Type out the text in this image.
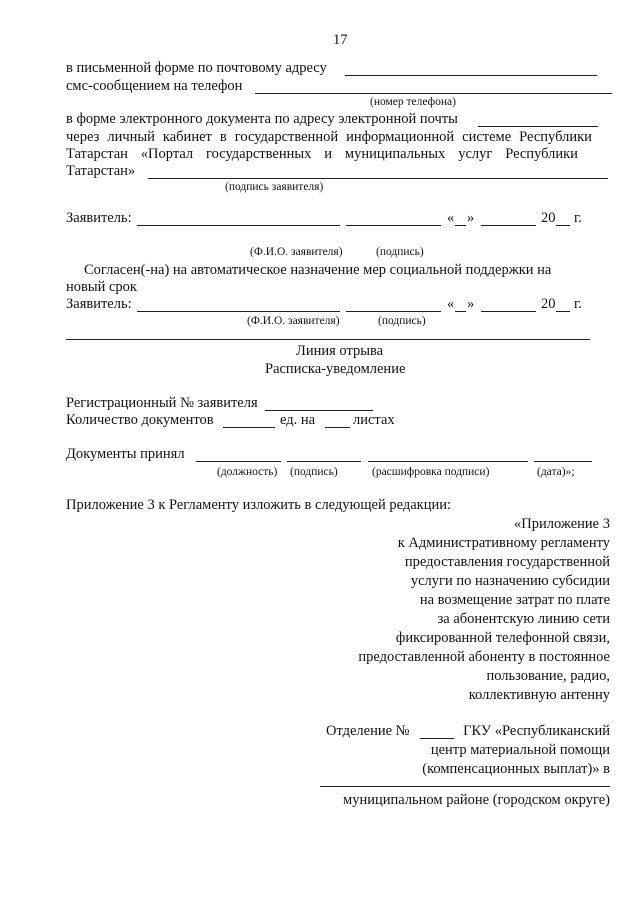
17
в письменной форме по почтовому адресу
смс-сообщением на телефон
(номер телефона)
в форме электронного документа по адресу электронной почты
через личный кабинет в государственной информационной системе Республики
Татарстан «Портал государственных и муниципальных услуг Республики
Татарстан»
(подпись заявителя)
Заявитель:	« »	20 г.
(Ф.И.О. заявителя)	(подпись)
Согласен(-на) на автоматическое назначение мер социальной поддержки на
новый срок
Заявитель:	« »	20 г.
(Ф.И.О. заявителя)	(подпись)
Линия отрыва
Расписка-уведомление
Регистрационный № заявителя
Количество документов	ед. на	листах
Документы принял
(должность) (подпись)	(расшифровка подписи)	(дата)»;
Приложение 3 к Регламенту изложить в следующей редакции:
«Приложение 3
к Административному регламенту
предоставления государственной
услуги по назначению субсидии
на возмещение затрат по плате
за абонентскую линию сети
фиксированной телефонной связи,
предоставленной абоненту в постоянное
пользование, радио,
коллективную антенну
Отделение №	ГКУ «Республиканский
центр материальной помощи
(компенсационных выплат)» в
муниципальном районе (городском округе)
